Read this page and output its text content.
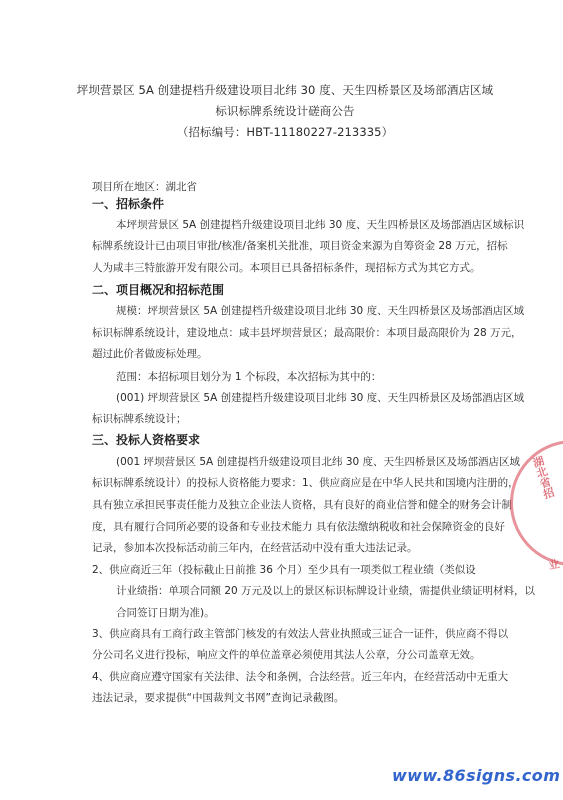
坪坝营景区 5A 创建提档升级建设项目北纬 30 度、天生四桥景区及场部酒店区域
标识标牌系统设计磋商公告
（招标编号：HBT-11180227-213335）
项目所在地区：湖北省
一、招标条件
本坪坝营景区 5A 创建提档升级建设项目北纬 30 度、天生四桥景区及场部酒店区域标识
标牌系统设计已由项目审批/核准/备案机关批准，项目资金来源为自筹资金 28 万元，招标
人为咸丰三特旅游开发有限公司。本项目已具备招标条件，现招标方式为其它方式。
二、项目概况和招标范围
规模：坪坝营景区 5A 创建提档升级建设项目北纬 30 度、天生四桥景区及场部酒店区域
标识标牌系统设计，建设地点：咸丰县坪坝营景区；最高限价：本项目最高限价为 28 万元，
超过此价者做废标处理。
范围：本招标项目划分为 1 个标段，本次招标为其中的：
(001) 坪坝营景区 5A 创建提档升级建设项目北纬 30 度、天生四桥景区及场部酒店区域
标识标牌系统设计；
三、投标人资格要求
(001 坪坝营景区 5A 创建提档升级建设项目北纬 30 度、天生四桥景区及场部酒店区域
标识标牌系统设计）的投标人资格能力要求：1、供应商应是在中华人民共和国境内注册的，
具有独立承担民事责任能力及独立企业法人资格，具有良好的商业信誉和健全的财务会计制
度，具有履行合同所必要的设备和专业技术能力 具有依法缴纳税收和社会保障资金的良好
记录，参加本次投标活动前三年内，在经营活动中没有重大违法记录。
2、供应商近三年（投标截止日前推 36 个月）至少具有一项类似工程业绩（类似设
计业绩指：单项合同额 20 万元及以上的景区标识标牌设计业绩，需提供业绩证明材料，以
合同签订日期为准)。
3、供应商具有工商行政主管部门核发的有效法人营业执照或三证合一证件，供应商不得以
分公司名义进行投标，响应文件的单位盖章必须使用其法人公章，分公司盖章无效。
4、供应商应遵守国家有关法律、法令和条例，合法经营。近三年内，在经营活动中无重大
违法记录，要求提供“中国裁判文书网”查询记录截图。
湖北省招
业
www.86signs.com
